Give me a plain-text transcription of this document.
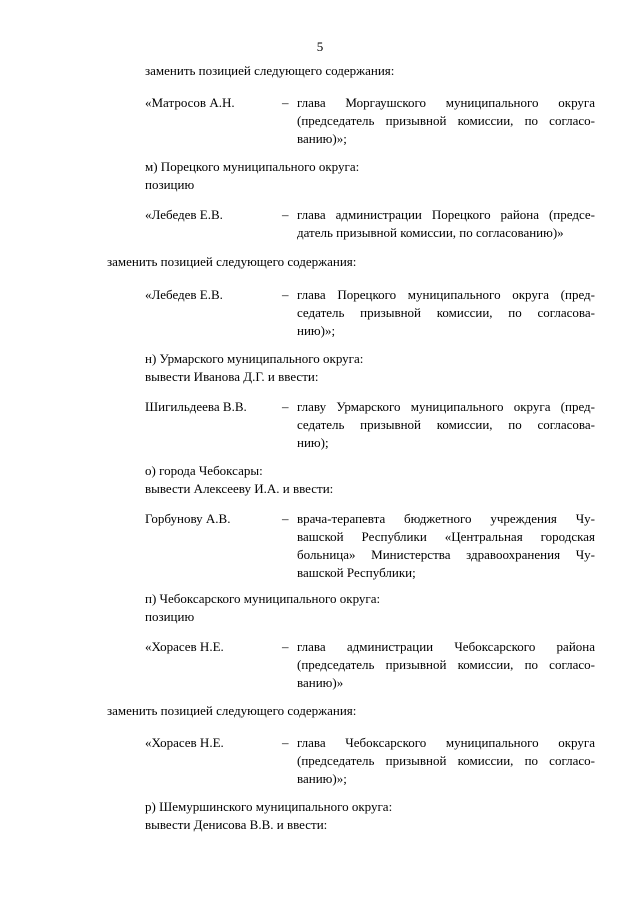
5
заменить позицией следующего содержания:
«Матросов А.Н.	– глава Моргаушского муниципального округа
(председатель призывной комиссии, по согласо-
ванию)»;
м) Порецкого муниципального округа:
позицию
«Лебедев Е.В.	– глава администрации Порецкого района (предсе-
датель призывной комиссии, по согласованию)»
заменить позицией следующего содержания:
«Лебедев Е.В.	– глава Порецкого муниципального округа (пред-
седатель призывной комиссии, по согласова-
нию)»;
н) Урмарского муниципального округа:
вывести Иванова Д.Г. и ввести:
Шигильдеева В.В.	– главу Урмарского муниципального округа (пред-
седатель призывной комиссии, по согласова-
нию);
о) города Чебоксары:
вывести Алексееву И.А. и ввести:
Горбунову А.В.	– врача-терапевта бюджетного учреждения Чу-
вашской Республики «Центральная городская
больница» Министерства здравоохранения Чу-
вашской Республики;
п) Чебоксарского муниципального округа:
позицию
«Хорасев Н.Е.	– глава администрации Чебоксарского района
(председатель призывной комиссии, по согласо-
ванию)»
заменить позицией следующего содержания:
«Хорасев Н.Е.	– глава Чебоксарского муниципального округа
(председатель призывной комиссии, по согласо-
ванию)»;
р) Шемуршинского муниципального округа:
вывести Денисова В.В. и ввести:
